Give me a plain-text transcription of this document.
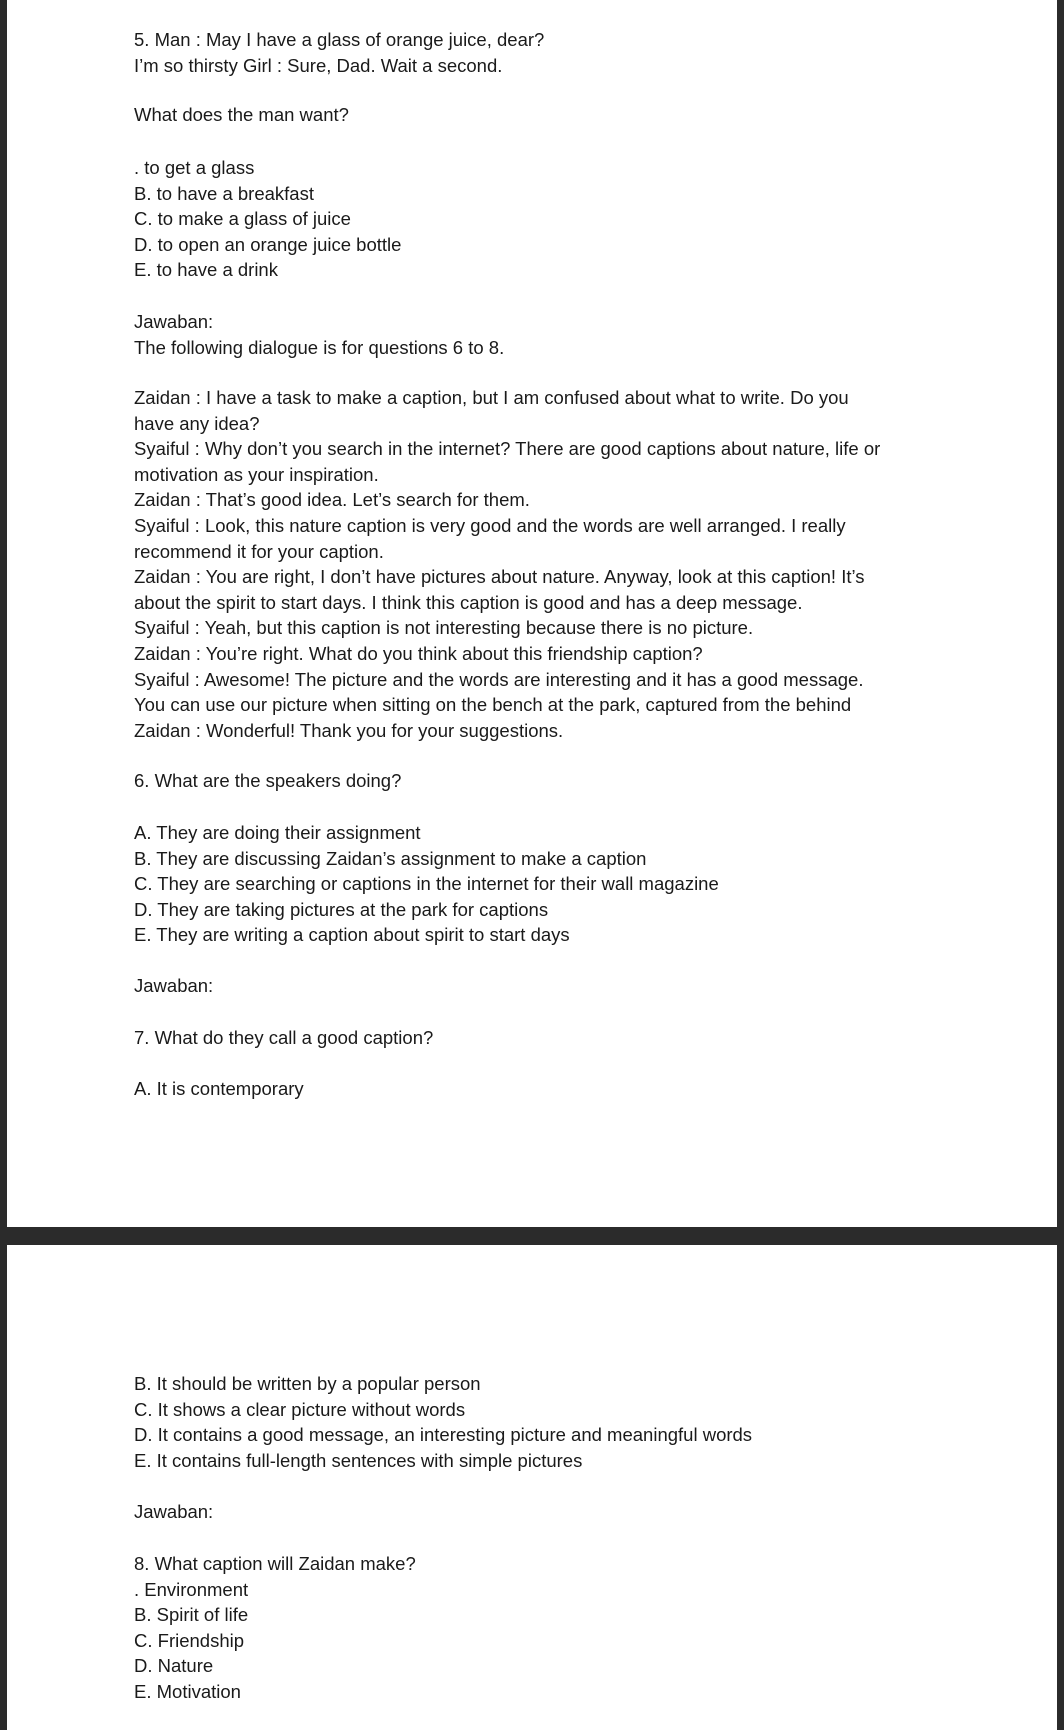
5. Man : May I have a glass of orange juice, dear?
I’m so thirsty Girl : Sure, Dad. Wait a second.
What does the man want?
. to get a glass
B. to have a breakfast
C. to make a glass of juice
D. to open an orange juice bottle
E. to have a drink
Jawaban:
The following dialogue is for questions 6 to 8.
Zaidan : I have a task to make a caption, but I am confused about what to write. Do you
have any idea?
Syaiful : Why don’t you search in the internet? There are good captions about nature, life or
motivation as your inspiration.
Zaidan : That’s good idea. Let’s search for them.
Syaiful : Look, this nature caption is very good and the words are well arranged. I really
recommend it for your caption.
Zaidan : You are right, I don’t have pictures about nature. Anyway, look at this caption! It’s
about the spirit to start days. I think this caption is good and has a deep message.
Syaiful : Yeah, but this caption is not interesting because there is no picture.
Zaidan : You’re right. What do you think about this friendship caption?
Syaiful : Awesome! The picture and the words are interesting and it has a good message.
You can use our picture when sitting on the bench at the park, captured from the behind
Zaidan : Wonderful! Thank you for your suggestions.
6. What are the speakers doing?
A. They are doing their assignment
B. They are discussing Zaidan’s assignment to make a caption
C. They are searching or captions in the internet for their wall magazine
D. They are taking pictures at the park for captions
E. They are writing a caption about spirit to start days
Jawaban:
7. What do they call a good caption?
A. It is contemporary
B. It should be written by a popular person
C. It shows a clear picture without words
D. It contains a good message, an interesting picture and meaningful words
E. It contains full-length sentences with simple pictures
Jawaban:
8. What caption will Zaidan make?
. Environment
B. Spirit of life
C. Friendship
D. Nature
E. Motivation
